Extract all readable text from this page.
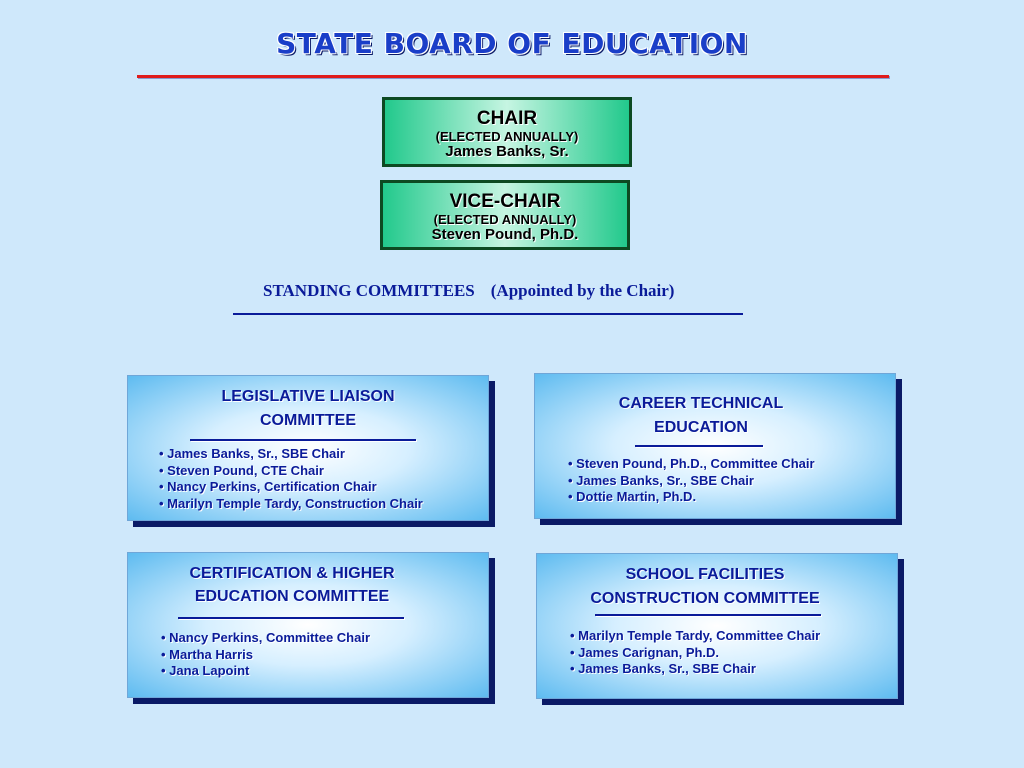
STATE BOARD OF EDUCATION
CHAIR
(ELECTED ANNUALLY)
James Banks, Sr.
VICE-CHAIR
(ELECTED ANNUALLY)
Steven Pound, Ph.D.
STANDING COMMITTEES (Appointed by the Chair)
LEGISLATIVE LIAISON
COMMITTEE
• James Banks, Sr., SBE Chair
• Steven Pound, CTE Chair
• Nancy Perkins, Certification Chair
• Marilyn Temple Tardy, Construction Chair
CAREER TECHNICAL
EDUCATION
• Steven Pound, Ph.D., Committee Chair
• James Banks, Sr., SBE Chair
• Dottie Martin, Ph.D.
CERTIFICATION & HIGHER
EDUCATION COMMITTEE
• Nancy Perkins, Committee Chair
• Martha Harris
• Jana Lapoint
SCHOOL FACILITIES
CONSTRUCTION COMMITTEE
• Marilyn Temple Tardy, Committee Chair
• James Carignan, Ph.D.
• James Banks, Sr., SBE Chair
